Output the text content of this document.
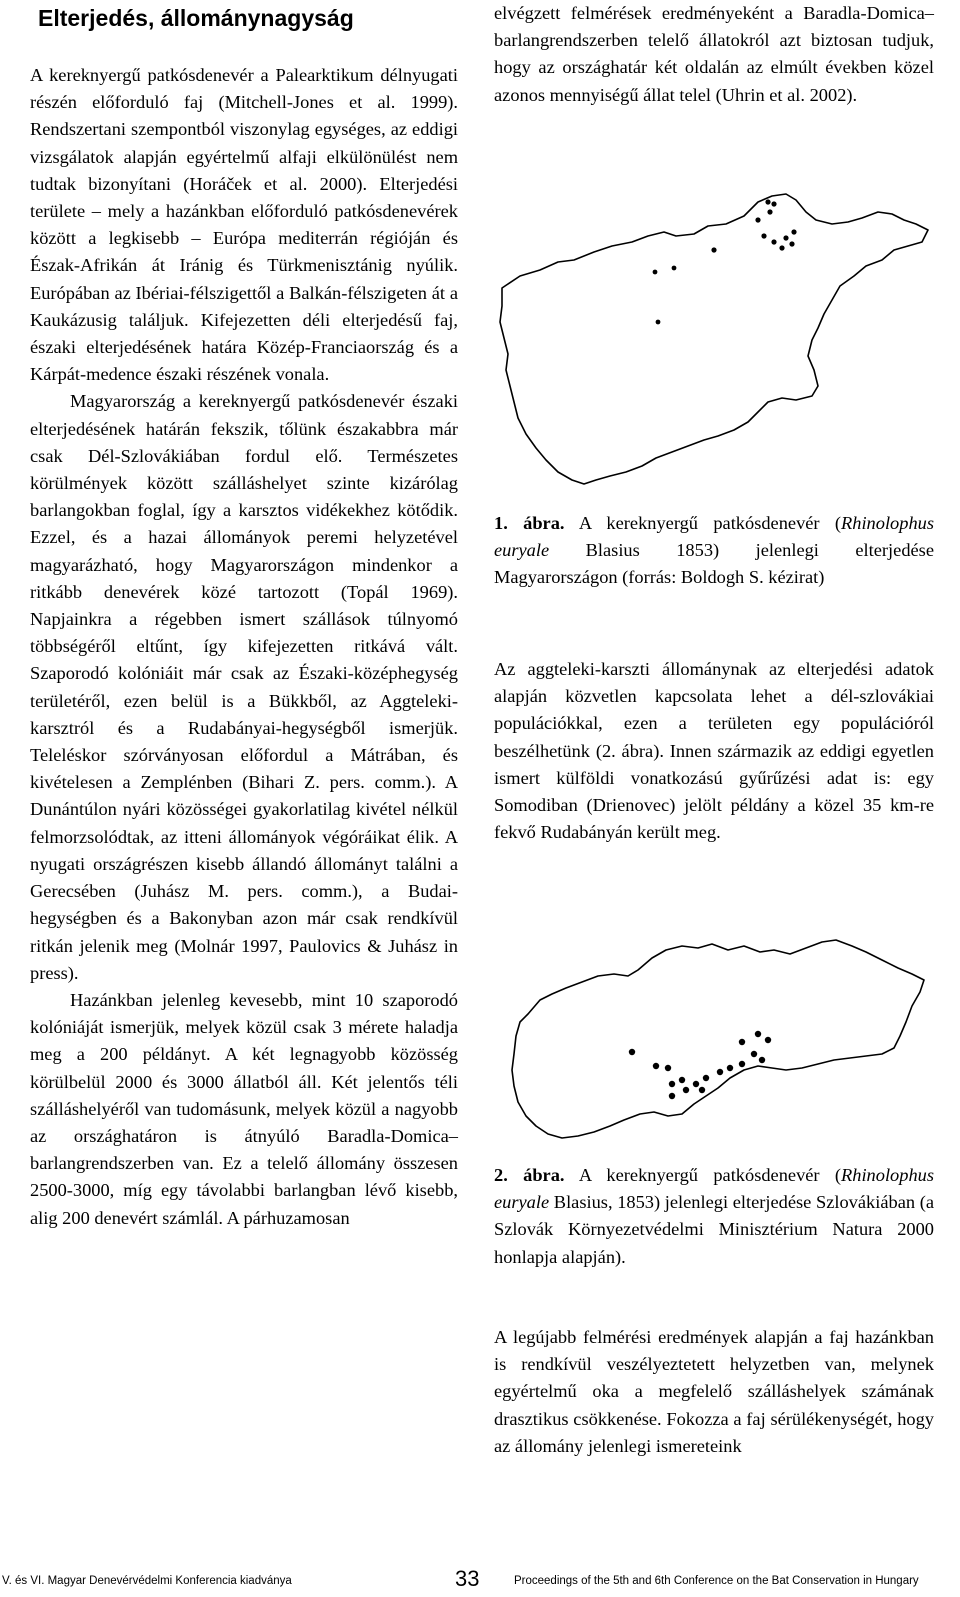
Elterjedés, állománynagyság

A kereknyergű patkósdenevér a Palearktikum délnyugati részén előforduló faj (Mitchell-Jones et al. 1999). Rendszertani szempontból viszonylag egységes, az eddigi vizsgálatok alapján egyértelmű alfaji elkülönülést nem tudtak bizonyítani (Horáček et al. 2000). Elterjedési területe – mely a hazánkban előforduló patkósdenevérek között a legkisebb – Európa mediterrán régióján és Észak-Afrikán át Iránig és Türkmenisztánig nyúlik. Európában az Ibériai-félszigettől a Balkán-félszigeten át a Kaukázusig találjuk. Kifejezetten déli elterjedésű faj, északi elterjedésének határa Közép-Franciaország és a Kárpát-medence északi részének vonala.

Magyarország a kereknyergű patkósdenevér északi elterjedésének határán fekszik, tőlünk északabbra már csak Dél-Szlovákiában fordul elő. Természetes körülmények között szálláshelyet szinte kizárólag barlangokban foglal, így a karsztos vidékekhez kötődik. Ezzel, és a hazai állományok peremi helyzetével magyarázható, hogy Magyarországon mindenkor a ritkább denevérek közé tartozott (Topál 1969). Napjainkra a régebben ismert szállások túlnyomó többségéről eltűnt, így kifejezetten ritkává vált. Szaporodó kolóniáit már csak az Északi-középhegység területéről, ezen belül is a Bükkből, az Aggteleki-karsztról és a Rudabányai-hegységből ismerjük. Teleléskor szórványosan előfordul a Mátrában, és kivételesen a Zemplénben (Bihari Z. pers. comm.). A Dunántúlon nyári közösségei gyakorlatilag kivétel nélkül felmorzsolódtak, az itteni állományok végóráikat élik. A nyugati országrészen kisebb állandó állományt találni a Gerecsében (Juhász M. pers. comm.), a Budai-hegységben és a Bakonyban azon már csak rendkívül ritkán jelenik meg (Molnár 1997, Paulovics & Juhász in press).

Hazánkban jelenleg kevesebb, mint 10 szaporodó kolóniáját ismerjük, melyek közül csak 3 mérete haladja meg a 200 példányt. A két legnagyobb közösség körülbelül 2000 és 3000 állatból áll. Két jelentős téli szálláshelyéről van tudomásunk, melyek közül a nagyobb az országhatáron is átnyúló Baradla-Domica–barlangrendszerben van. Ez a telelő állomány összesen 2500-3000, míg egy távolabbi barlangban lévő kisebb, alig 200 denevért számlál. A párhuzamosan

elvégzett felmérések eredményeként a Baradla-Domica–barlangrendszerben telelő állatokról azt biztosan tudjuk, hogy az országhatár két oldalán az elmúlt években közel azonos mennyiségű állat telel (Uhrin et al. 2002).

1. ábra. A kereknyergű patkósdenevér (Rhinolophus euryale Blasius 1853) jelenlegi elterjedése Magyarországon (forrás: Boldogh S. kézirat)

Az aggteleki-karszti állománynak az elterjedési adatok alapján közvetlen kapcsolata lehet a dél-szlovákiai populációkkal, ezen a területen egy populációról beszélhetünk (2. ábra). Innen származik az eddigi egyetlen ismert külföldi vonatkozású gyűrűzési adat is: egy Somodiban (Drienovec) jelölt példány a közel 35 km-re fekvő Rudabányán került meg.

2. ábra. A kereknyergű patkósdenevér (Rhinolophus euryale Blasius, 1853) jelenlegi elterjedése Szlovákiában (a Szlovák Környezetvédelmi Minisztérium Natura 2000 honlapja alapján).

A legújabb felmérési eredmények alapján a faj hazánkban is rendkívül veszélyeztetett helyzetben van, melynek egyértelmű oka a megfelelő szálláshelyek számának drasztikus csökkenése. Fokozza a faj sérülékenységét, hogy az állomány jelenlegi ismereteink

V. és VI. Magyar Denevérvédelmi Konferencia kiadványa	33	Proceedings of the 5th and 6th Conference on the Bat Conservation in Hungary
